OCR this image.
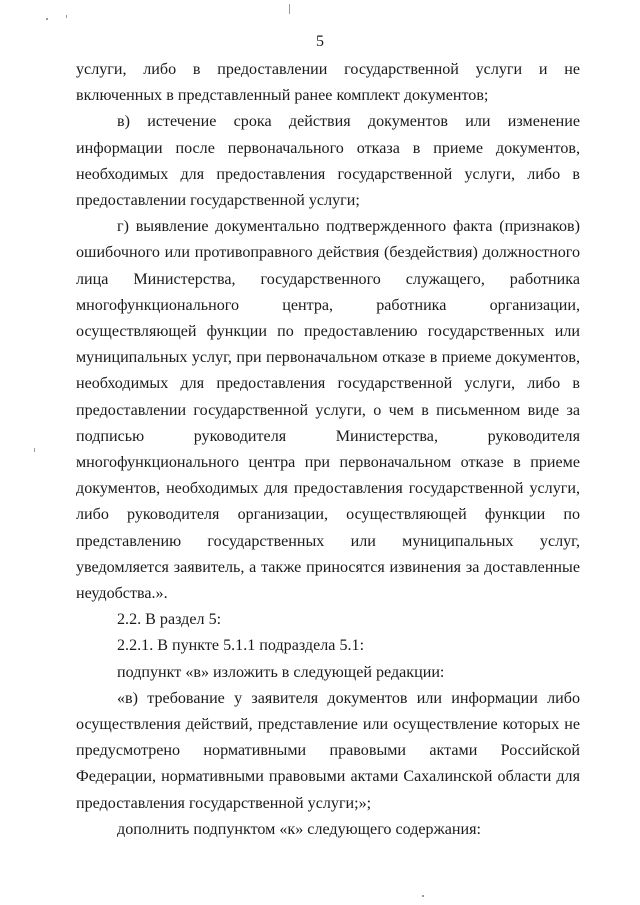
5

услуги, либо в предоставлении государственной услуги и не включенных в представленный ранее комплект документов;

в) истечение срока действия документов или изменение информации после первоначального отказа в приеме документов, необходимых для предоставления государственной услуги, либо в предоставлении государственной услуги;

г) выявление документально подтвержденного факта (признаков) ошибочного или противоправного действия (бездействия) должностного лица Министерства, государственного служащего, работника многофункционального центра, работника организации, осуществляющей функции по предоставлению государственных или муниципальных услуг, при первоначальном отказе в приеме документов, необходимых для предоставления государственной услуги, либо в предоставлении государственной услуги, о чем в письменном виде за подписью руководителя Министерства, руководителя многофункционального центра при первоначальном отказе в приеме документов, необходимых для предоставления государственной услуги, либо руководителя организации, осуществляющей функции по представлению государственных или муниципальных услуг, уведомляется заявитель, а также приносятся извинения за доставленные неудобства.».

2.2. В раздел 5:

2.2.1. В пункте 5.1.1 подраздела 5.1:

подпункт «в» изложить в следующей редакции:

«в) требование у заявителя документов или информации либо осуществления действий, представление или осуществление которых не предусмотрено нормативными правовыми актами Российской Федерации, нормативными правовыми актами Сахалинской области для предоставления государственной услуги;»;

дополнить подпунктом «к» следующего содержания:
